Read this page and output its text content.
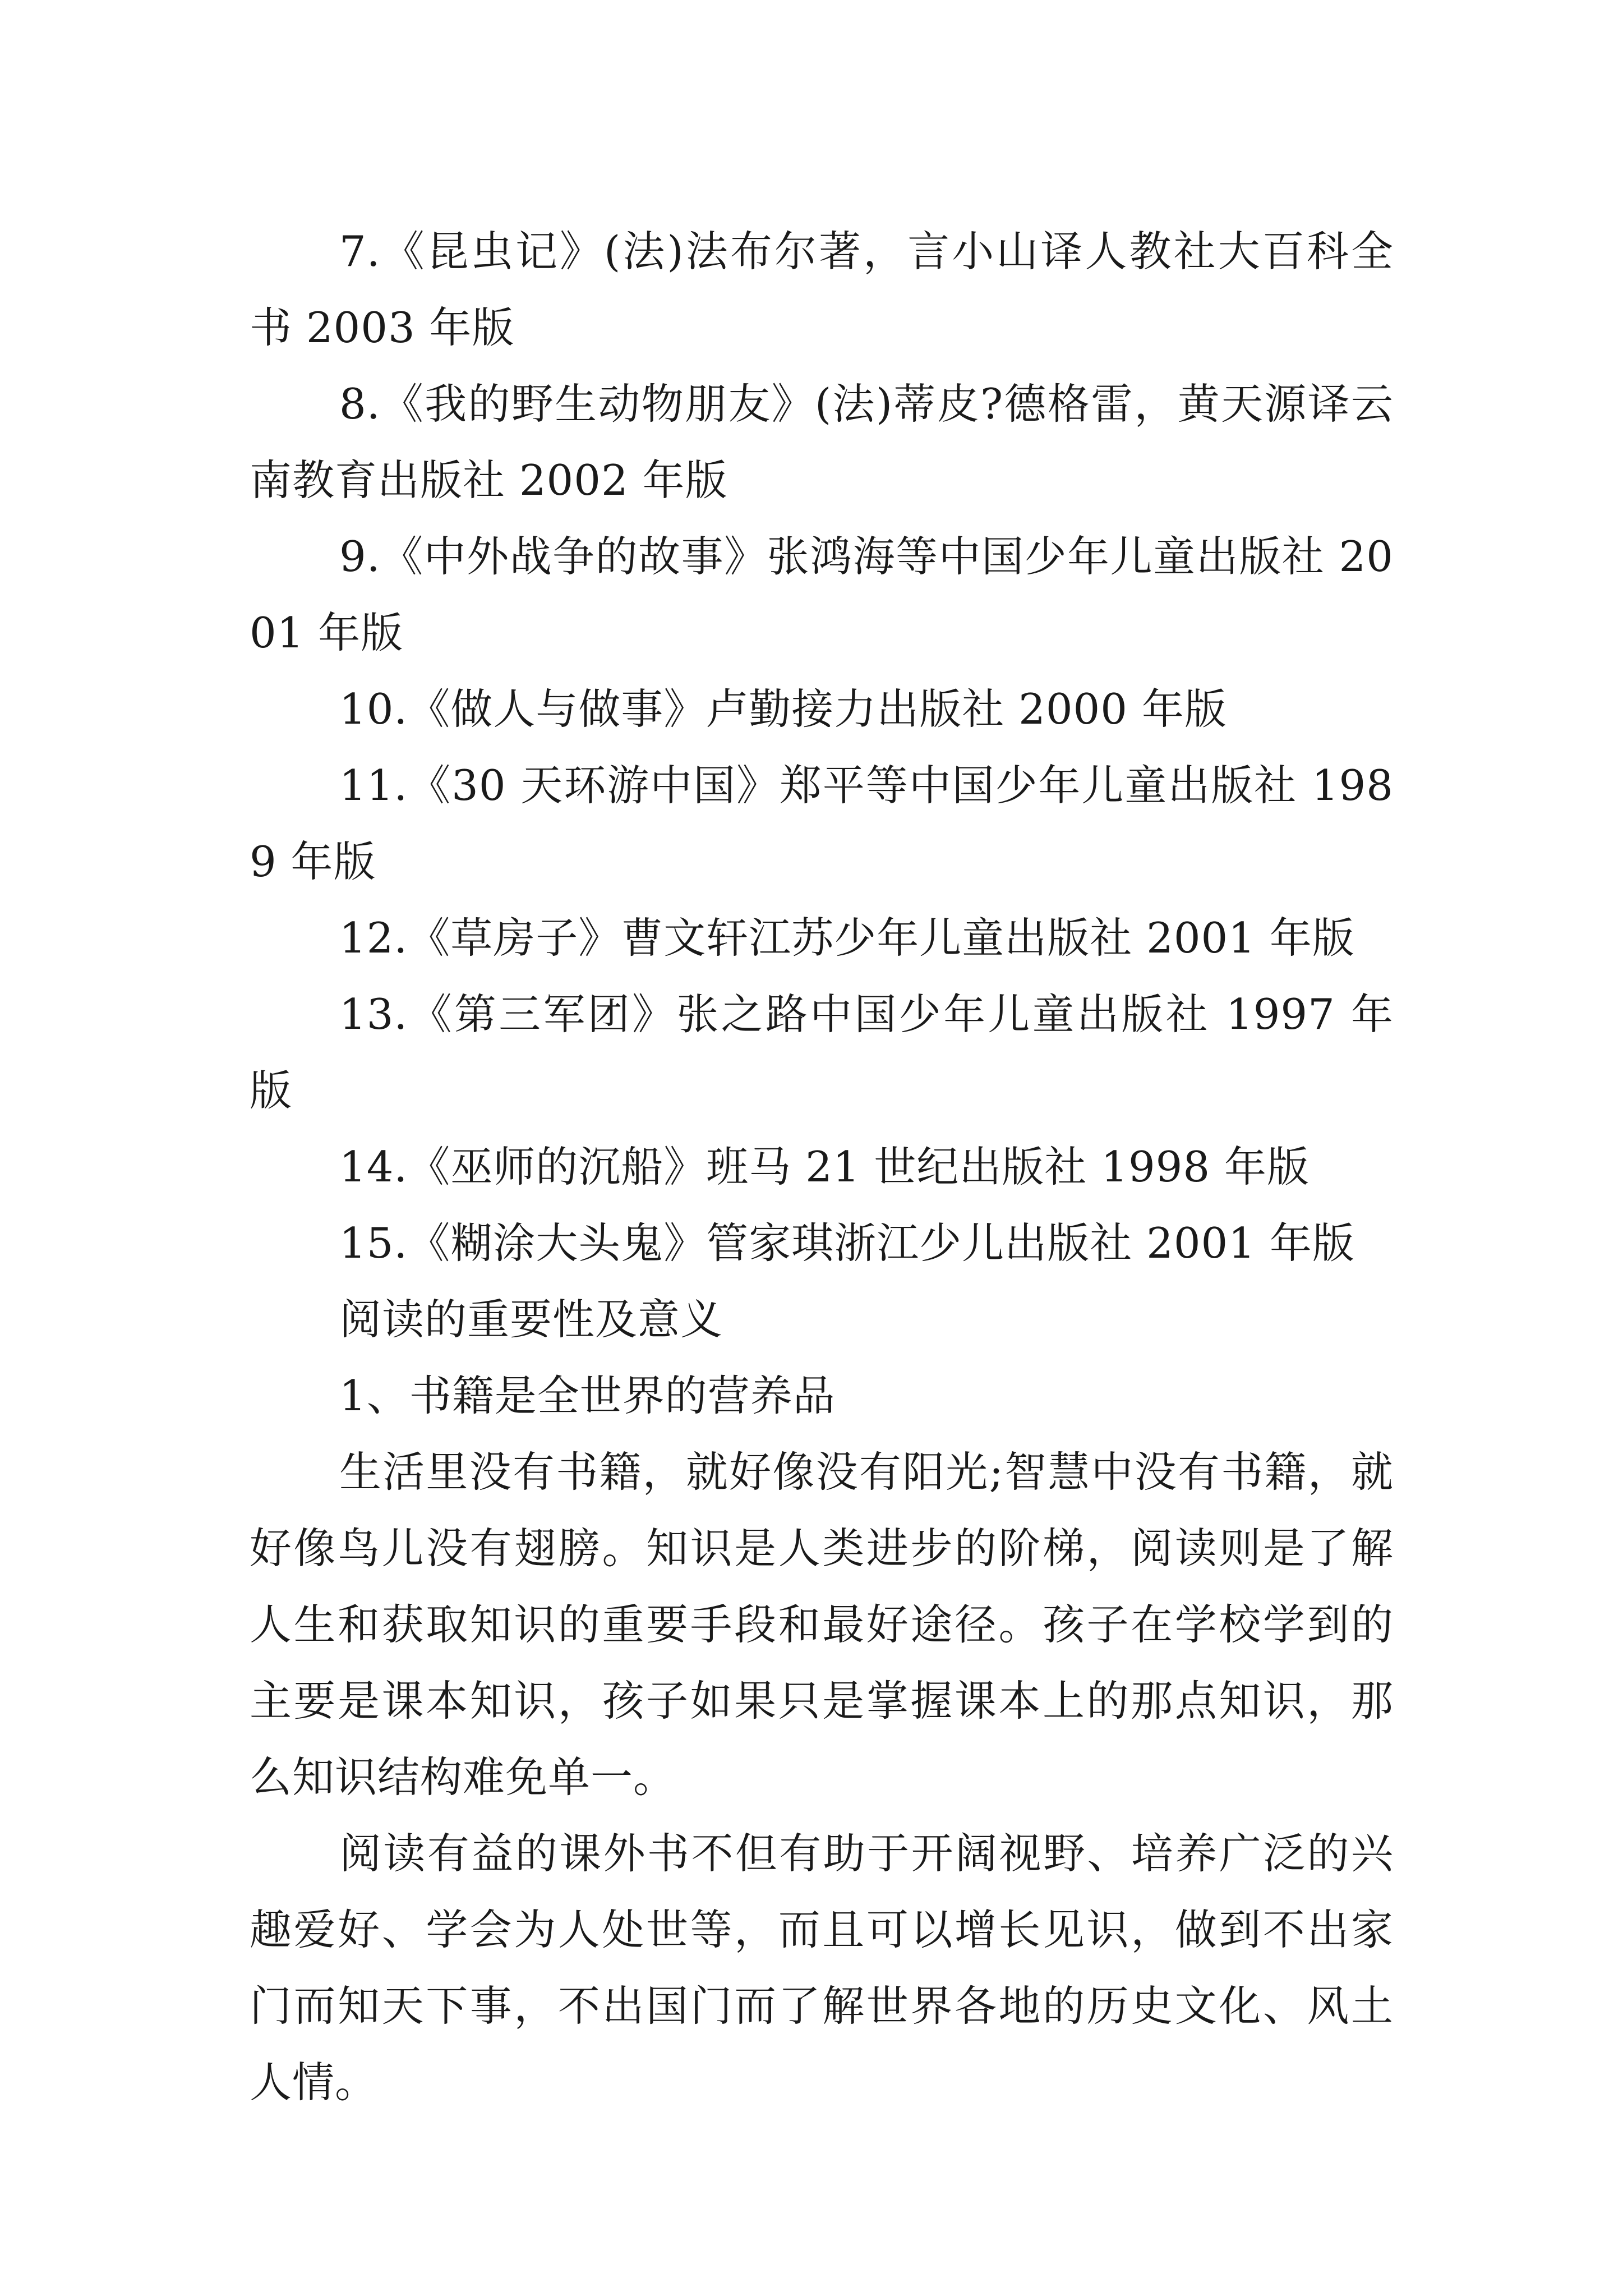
7.《昆虫记》(法)法布尔著，言小山译人教社大百科全书 2003 年版

8.《我的野生动物朋友》(法)蒂皮?德格雷，黄天源译云南教育出版社 2002 年版

9.《中外战争的故事》张鸿海等中国少年儿童出版社 2001 年版

10.《做人与做事》卢勤接力出版社 2000 年版

11.《30 天环游中国》郑平等中国少年儿童出版社 1989 年版

12.《草房子》曹文轩江苏少年儿童出版社 2001 年版

13.《第三军团》张之路中国少年儿童出版社 1997 年版

14.《巫师的沉船》班马 21 世纪出版社 1998 年版

15.《糊涂大头鬼》管家琪浙江少儿出版社 2001 年版

阅读的重要性及意义

1、书籍是全世界的营养品

生活里没有书籍，就好像没有阳光;智慧中没有书籍，就好像鸟儿没有翅膀。知识是人类进步的阶梯，阅读则是了解人生和获取知识的重要手段和最好途径。孩子在学校学到的主要是课本知识，孩子如果只是掌握课本上的那点知识，那么知识结构难免单一。

阅读有益的课外书不但有助于开阔视野、培养广泛的兴趣爱好、学会为人处世等，而且可以增长见识，做到不出家门而知天下事，不出国门而了解世界各地的历史文化、风土人情。
